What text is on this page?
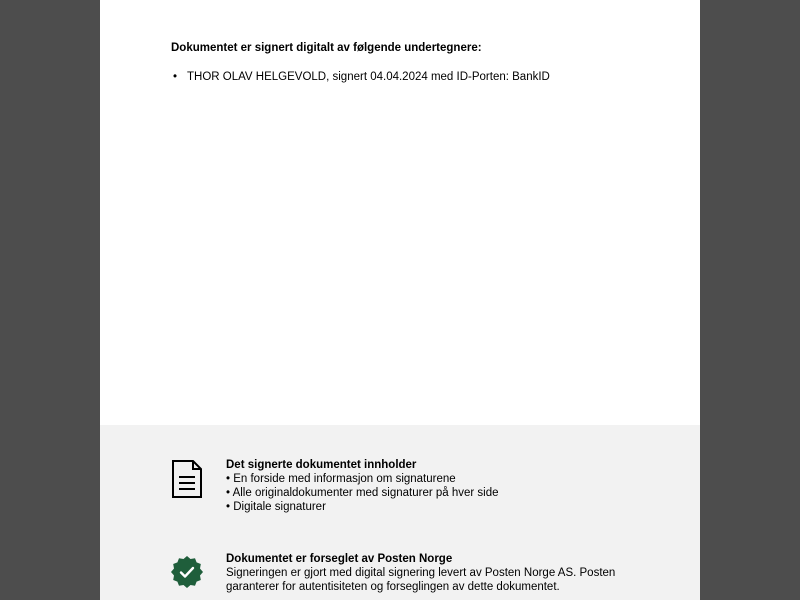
Dokumentet er signert digitalt av følgende undertegnere:

• THOR OLAV HELGEVOLD, signert 04.04.2024 med ID-Porten: BankID
Det signerte dokumentet innholder
• En forside med informasjon om signaturene
• Alle originaldokumenter med signaturer på hver side
• Digitale signaturer
Dokumentet er forseglet av Posten Norge
Signeringen er gjort med digital signering levert av Posten Norge AS. Posten
garanterer for autentisiteten og forseglingen av dette dokumentet.
